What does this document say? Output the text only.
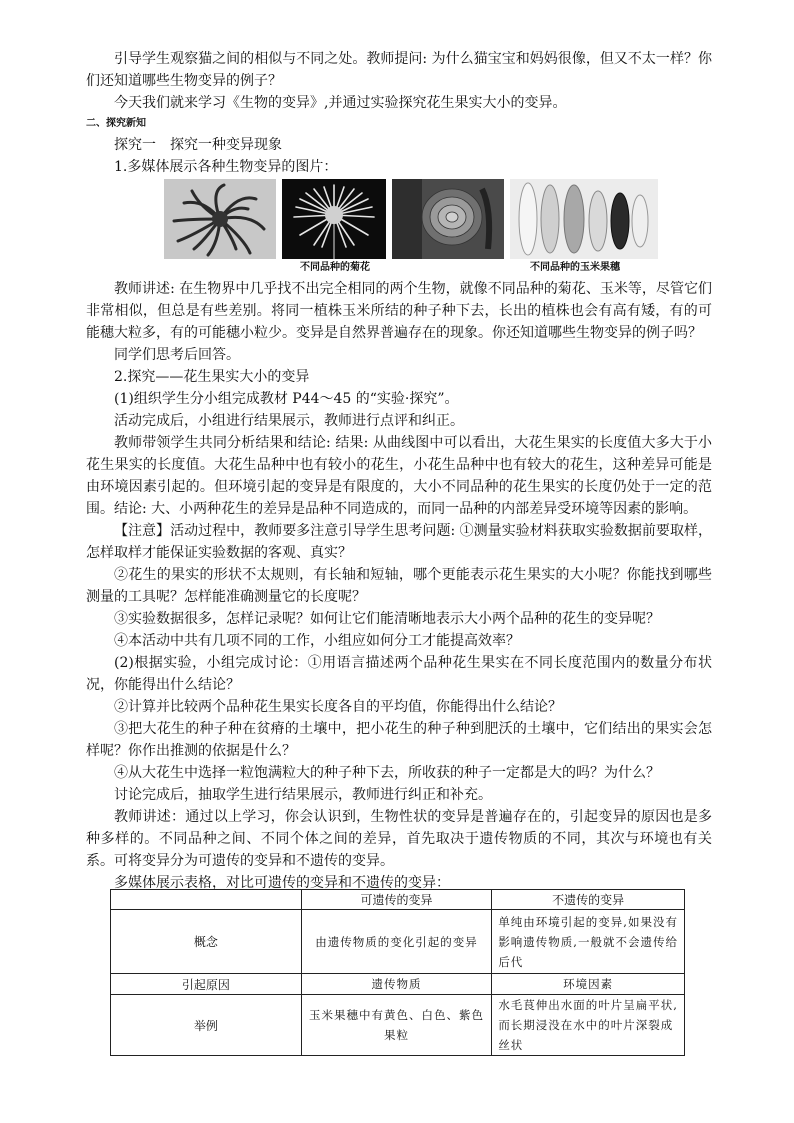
引导学生观察猫之间的相似与不同之处。教师提问: 为什么猫宝宝和妈妈很像，但又不太一样？你们还知道哪些生物变异的例子？

今天我们就来学习《生物的变异》,并通过实验探究花生果实大小的变异。

二、探究新知

探究一　探究一种变异现象

1.多媒体展示各种生物变异的图片：

不同品种的菊花	不同品种的玉米果穗

教师讲述: 在生物界中几乎找不出完全相同的两个生物，就像不同品种的菊花、玉米等，尽管它们非常相似，但总是有些差别。将同一植株玉米所结的种子种下去，长出的植株也会有高有矮，有的可能穗大粒多，有的可能穗小粒少。变异是自然界普遍存在的现象。你还知道哪些生物变异的例子吗？

同学们思考后回答。

2.探究——花生果实大小的变异

(1)组织学生分小组完成教材 P44～45 的“实验·探究”。

活动完成后，小组进行结果展示，教师进行点评和纠正。

教师带领学生共同分析结果和结论: 结果: 从曲线图中可以看出，大花生果实的长度值大多大于小花生果实的长度值。大花生品种中也有较小的花生，小花生品种中也有较大的花生，这种差异可能是由环境因素引起的。但环境引起的变异是有限度的，大小不同品种的花生果实的长度仍处于一定的范围。结论: 大、小两种花生的差异是品种不同造成的，而同一品种的内部差异受环境等因素的影响。

【注意】活动过程中，教师要多注意引导学生思考问题: ①测量实验材料获取实验数据前要取样，怎样取样才能保证实验数据的客观、真实？

②花生的果实的形状不太规则，有长轴和短轴，哪个更能表示花生果实的大小呢？你能找到哪些测量的工具呢？怎样能准确测量它的长度呢？

③实验数据很多，怎样记录呢？如何让它们能清晰地表示大小两个品种的花生的变异呢？

④本活动中共有几项不同的工作，小组应如何分工才能提高效率？

(2)根据实验，小组完成讨论：①用语言描述两个品种花生果实在不同长度范围内的数量分布状况，你能得出什么结论？

②计算并比较两个品种花生果实长度各自的平均值，你能得出什么结论？

③把大花生的种子种在贫瘠的土壤中，把小花生的种子种到肥沃的土壤中，它们结出的果实会怎样呢？你作出推测的依据是什么？

④从大花生中选择一粒饱满粒大的种子种下去，所收获的种子一定都是大的吗？为什么？

讨论完成后，抽取学生进行结果展示，教师进行纠正和补充。

教师讲述：通过以上学习，你会认识到，生物性状的变异是普遍存在的，引起变异的原因也是多种多样的。不同品种之间、不同个体之间的差异，首先取决于遗传物质的不同，其次与环境也有关系。可将变异分为可遗传的变异和不遗传的变异。

多媒体展示表格，对比可遗传的变异和不遗传的变异：

	可遗传的变异	不遗传的变异
概念	由遗传物质的变化引起的变异	单纯由环境引起的变异,如果没有影响遗传物质,一般就不会遗传给后代
引起原因	遗传物质	环境因素
举例	玉米果穗中有黄色、白色、紫色果粒	水毛茛伸出水面的叶片呈扁平状,而长期浸没在水中的叶片深裂成丝状
